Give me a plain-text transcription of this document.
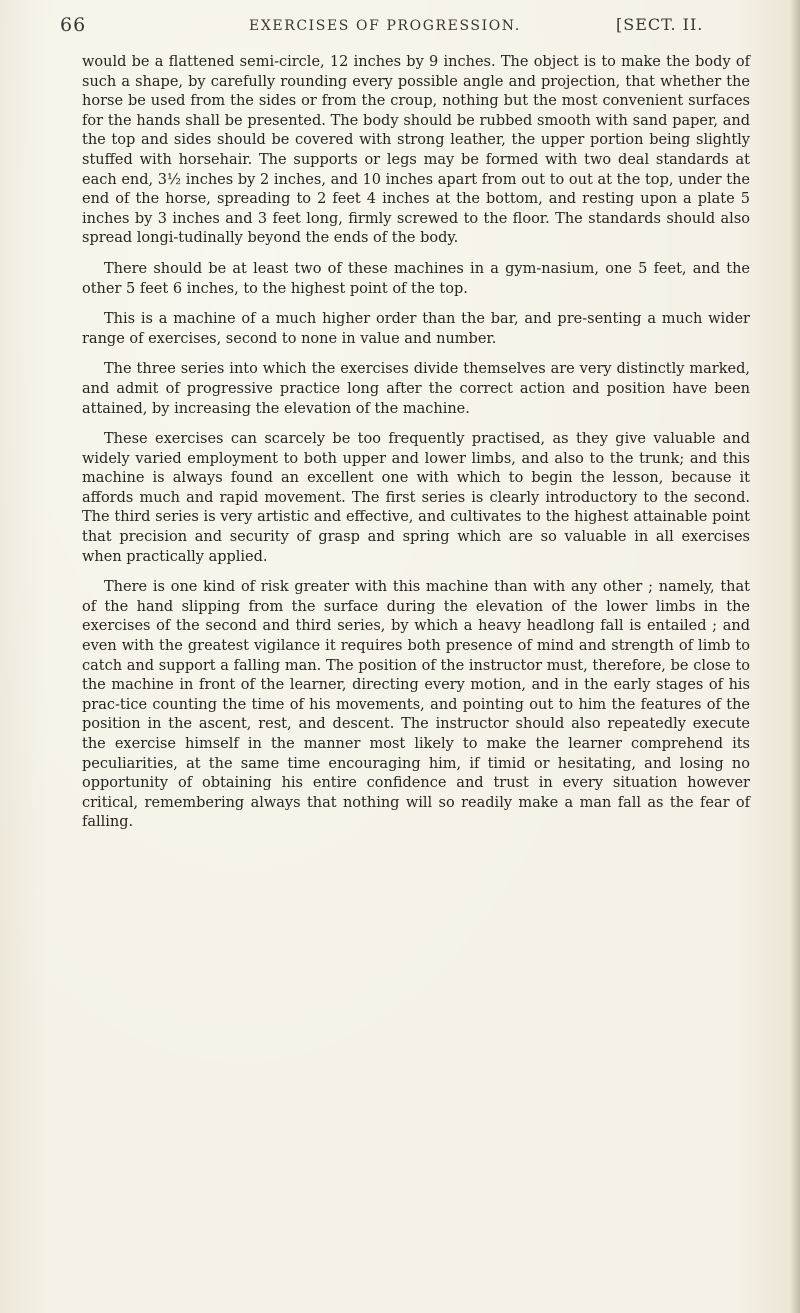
66	EXERCISES OF PROGRESSION.	[SECT. II.

would be a flattened semi-circle, 12 inches by 9 inches. The object is to make the body of such a shape, by carefully rounding every possible angle and projection, that whether the horse be used from the sides or from the croup, nothing but the most convenient surfaces for the hands shall be presented. The body should be rubbed smooth with sand paper, and the top and sides should be covered with strong leather, the upper portion being slightly stuffed with horsehair. The supports or legs may be formed with two deal standards at each end, 3½ inches by 2 inches, and 10 inches apart from out to out at the top, under the end of the horse, spreading to 2 feet 4 inches at the bottom, and resting upon a plate 5 inches by 3 inches and 3 feet long, firmly screwed to the floor. The standards should also spread longi-tudinally beyond the ends of the body.

There should be at least two of these machines in a gym-nasium, one 5 feet, and the other 5 feet 6 inches, to the highest point of the top.

This is a machine of a much higher order than the bar, and pre-senting a much wider range of exercises, second to none in value and number.

The three series into which the exercises divide themselves are very distinctly marked, and admit of progressive practice long after the correct action and position have been attained, by increasing the elevation of the machine.

These exercises can scarcely be too frequently practised, as they give valuable and widely varied employment to both upper and lower limbs, and also to the trunk; and this machine is always found an excellent one with which to begin the lesson, because it affords much and rapid movement. The first series is clearly introductory to the second. The third series is very artistic and effective, and cultivates to the highest attainable point that precision and security of grasp and spring which are so valuable in all exercises when practically applied.

There is one kind of risk greater with this machine than with any other ; namely, that of the hand slipping from the surface during the elevation of the lower limbs in the exercises of the second and third series, by which a heavy headlong fall is entailed ; and even with the greatest vigilance it requires both presence of mind and strength of limb to catch and support a falling man. The position of the instructor must, therefore, be close to the machine in front of the learner, directing every motion, and in the early stages of his prac-tice counting the time of his movements, and pointing out to him the features of the position in the ascent, rest, and descent. The instructor should also repeatedly execute the exercise himself in the manner most likely to make the learner comprehend its peculiarities, at the same time encouraging him, if timid or hesitating, and losing no opportunity of obtaining his entire confidence and trust in every situation however critical, remembering always that nothing will so readily make a man fall as the fear of falling.
